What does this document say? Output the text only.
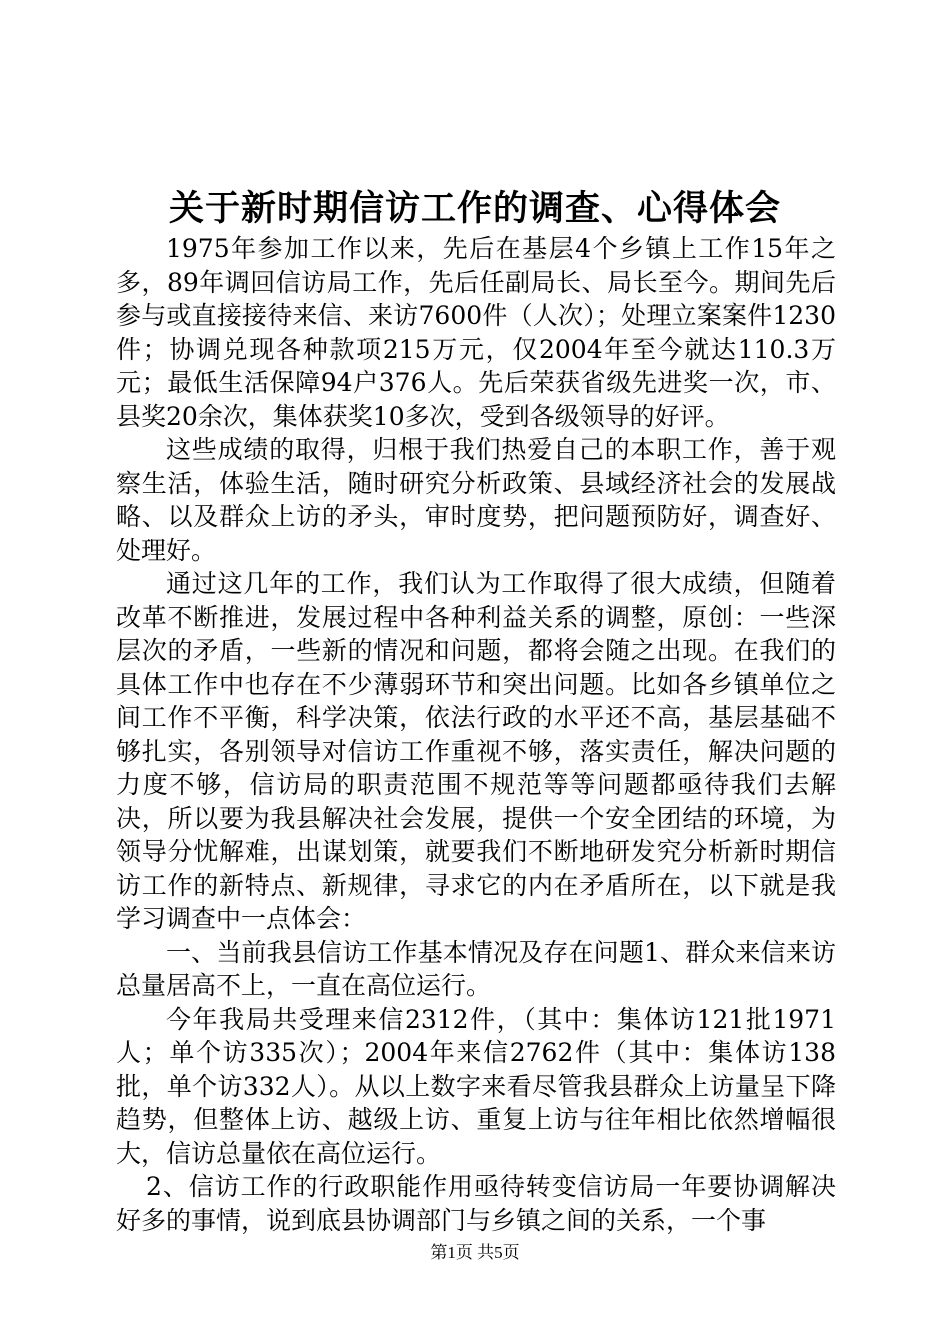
关于新时期信访工作的调查、心得体会

1975年参加工作以来，先后在基层4个乡镇上工作15年之多，89年调回信访局工作，先后任副局长、局长至今。期间先后参与或直接接待来信、来访7600件（人次）；处理立案案件1230件；协调兑现各种款项215万元，仅2004年至今就达110.3万元；最低生活保障94户376人。先后荣获省级先进奖一次，市、县奖20余次，集体获奖10多次，受到各级领导的好评。

这些成绩的取得，归根于我们热爱自己的本职工作，善于观察生活，体验生活，随时研究分析政策、县域经济社会的发展战略、以及群众上访的矛头，审时度势，把问题预防好，调查好、处理好。

通过这几年的工作，我们认为工作取得了很大成绩，但随着改革不断推进，发展过程中各种利益关系的调整，原创：一些深层次的矛盾，一些新的情况和问题，都将会随之出现。在我们的具体工作中也存在不少薄弱环节和突出问题。比如各乡镇单位之间工作不平衡，科学决策，依法行政的水平还不高，基层基础不够扎实，各别领导对信访工作重视不够，落实责任，解决问题的力度不够，信访局的职责范围不规范等等问题都亟待我们去解决，所以要为我县解决社会发展，提供一个安全团结的环境，为领导分忧解难，出谋划策，就要我们不断地研发究分析新时期信访工作的新特点、新规律，寻求它的内在矛盾所在，以下就是我学习调查中一点体会：

一、当前我县信访工作基本情况及存在问题1、群众来信来访总量居高不上，一直在高位运行。

今年我局共受理来信2312件，（其中：集体访121批1971人；单个访335次）；2004年来信2762件（其中：集体访138批，单个访332人）。从以上数字来看尽管我县群众上访量呈下降趋势，但整体上访、越级上访、重复上访与往年相比依然增幅很大，信访总量依在高位运行。

2、信访工作的行政职能作用亟待转变信访局一年要协调解决好多的事情，说到底县协调部门与乡镇之间的关系，一个事

第1页 共5页
